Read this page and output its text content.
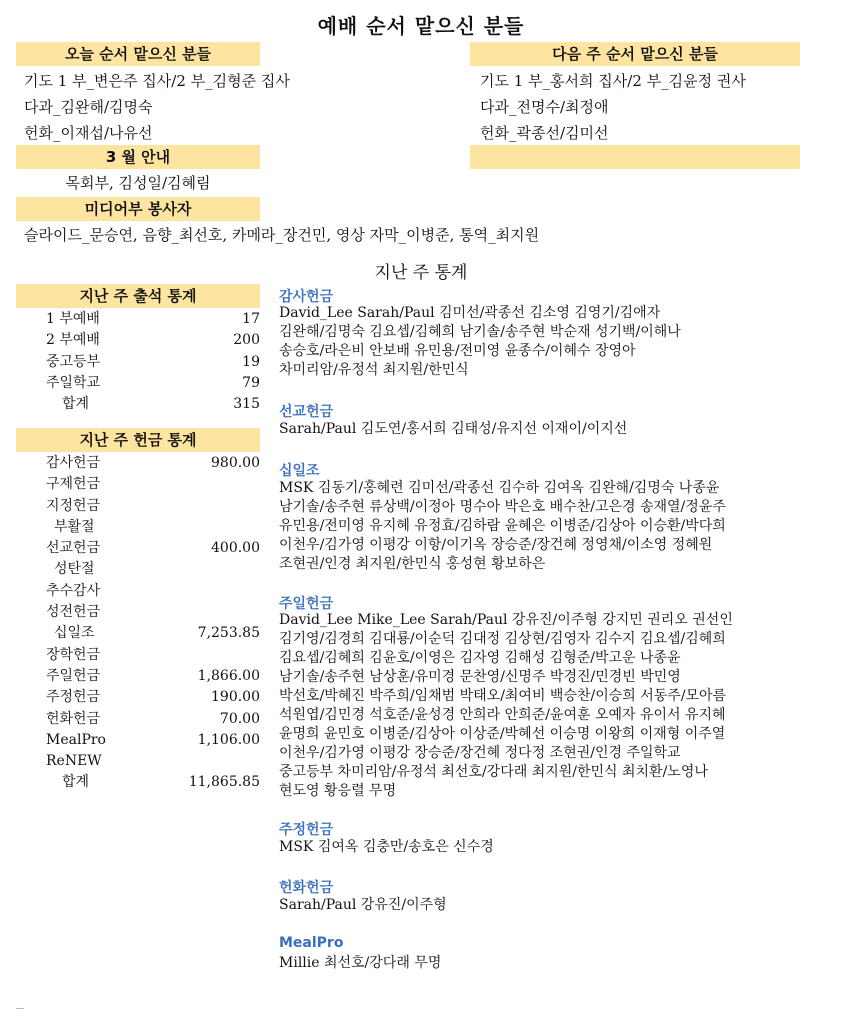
예배 순서 맡으신 분들
오늘 순서 맡으신 분들
기도 1 부_변은주 집사/2 부_김형준 집사
다과_김완해/김명숙
헌화_이재섭/나유선
다음 주 순서 맡으신 분들
기도 1 부_홍서희 집사/2 부_김윤정 권사
다과_전명수/최정애
헌화_곽종선/김미선
3 월 안내
목회부, 김성일/김혜림
미디어부 봉사자
슬라이드_문승연, 음향_최선호, 카메라_장건민, 영상 자막_이병준, 통역_최지원
지난 주 통계
지난 주 출석 통계
1 부예배	17
2 부예배	200
중고등부	19
주일학교	79
합계	315
지난 주 헌금 통계
감사헌금	980.00
구제헌금
지정헌금
부활절
선교헌금	400.00
성탄절
추수감사
성전헌금
십일조	7,253.85
장학헌금
주일헌금	1,866.00
주정헌금	190.00
헌화헌금	70.00
MealPro	1,106.00
ReNEW
합계	11,865.85
감사헌금
David_Lee Sarah/Paul 김미선/곽종선 김소영 김영기/김애자
김완해/김명숙 김요셉/김혜희 남기솔/송주현 박순재 성기백/이해나
송승호/라은비 안보배 유민용/전미영 윤종수/이혜수 장영아
차미리암/유정석 최지원/한민식
선교헌금
Sarah/Paul 김도연/홍서희 김태성/유지선 이재이/이지선
십일조
MSK 김동기/홍혜련 김미선/곽종선 김수하 김여옥 김완해/김명숙 나종윤
남기솔/송주현 류상백/이정아 명수아 박은호 배수찬/고은경 송재열/정윤주
유민용/전미영 유지혜 유정효/김하람 윤혜은 이병준/김상아 이승환/박다희
이천우/김가영 이평강 이항/이기옥 장승준/장건혜 정영채/이소영 정혜원
조현권/인경 최지원/한민식 홍성현 황보하은
주일헌금
David_Lee Mike_Lee Sarah/Paul 강유진/이주형 강지민 권리오 권선인
김기영/김경희 김대룡/이순덕 김대정 김상현/김영자 김수지 김요셉/김혜희
김요셉/김혜희 김윤호/이영은 김자영 김해성 김형준/박고운 나종윤
남기솔/송주현 남상훈/유미경 문찬영/신명주 박경진/민경빈 박민영
박선호/박혜진 박주희/임채범 박태오/최여비 백승찬/이승희 서동주/모아름
석원엽/김민경 석호준/윤성경 안희라 안희준/윤여훈 오예자 유이서 유지혜
윤명희 윤민호 이병준/김상아 이상준/박혜선 이승명 이왕희 이재형 이주열
이천우/김가영 이평강 장승준/장건혜 정다정 조현권/인경 주일학교
중고등부 차미리암/유정석 최선호/강다래 최지원/한민식 최치환/노영나
현도영 황응렬 무명
주정헌금
MSK 김여옥 김충만/송호은 신수경
헌화헌금
Sarah/Paul 강유진/이주형
MealPro
Millie 최선호/강다래 무명
